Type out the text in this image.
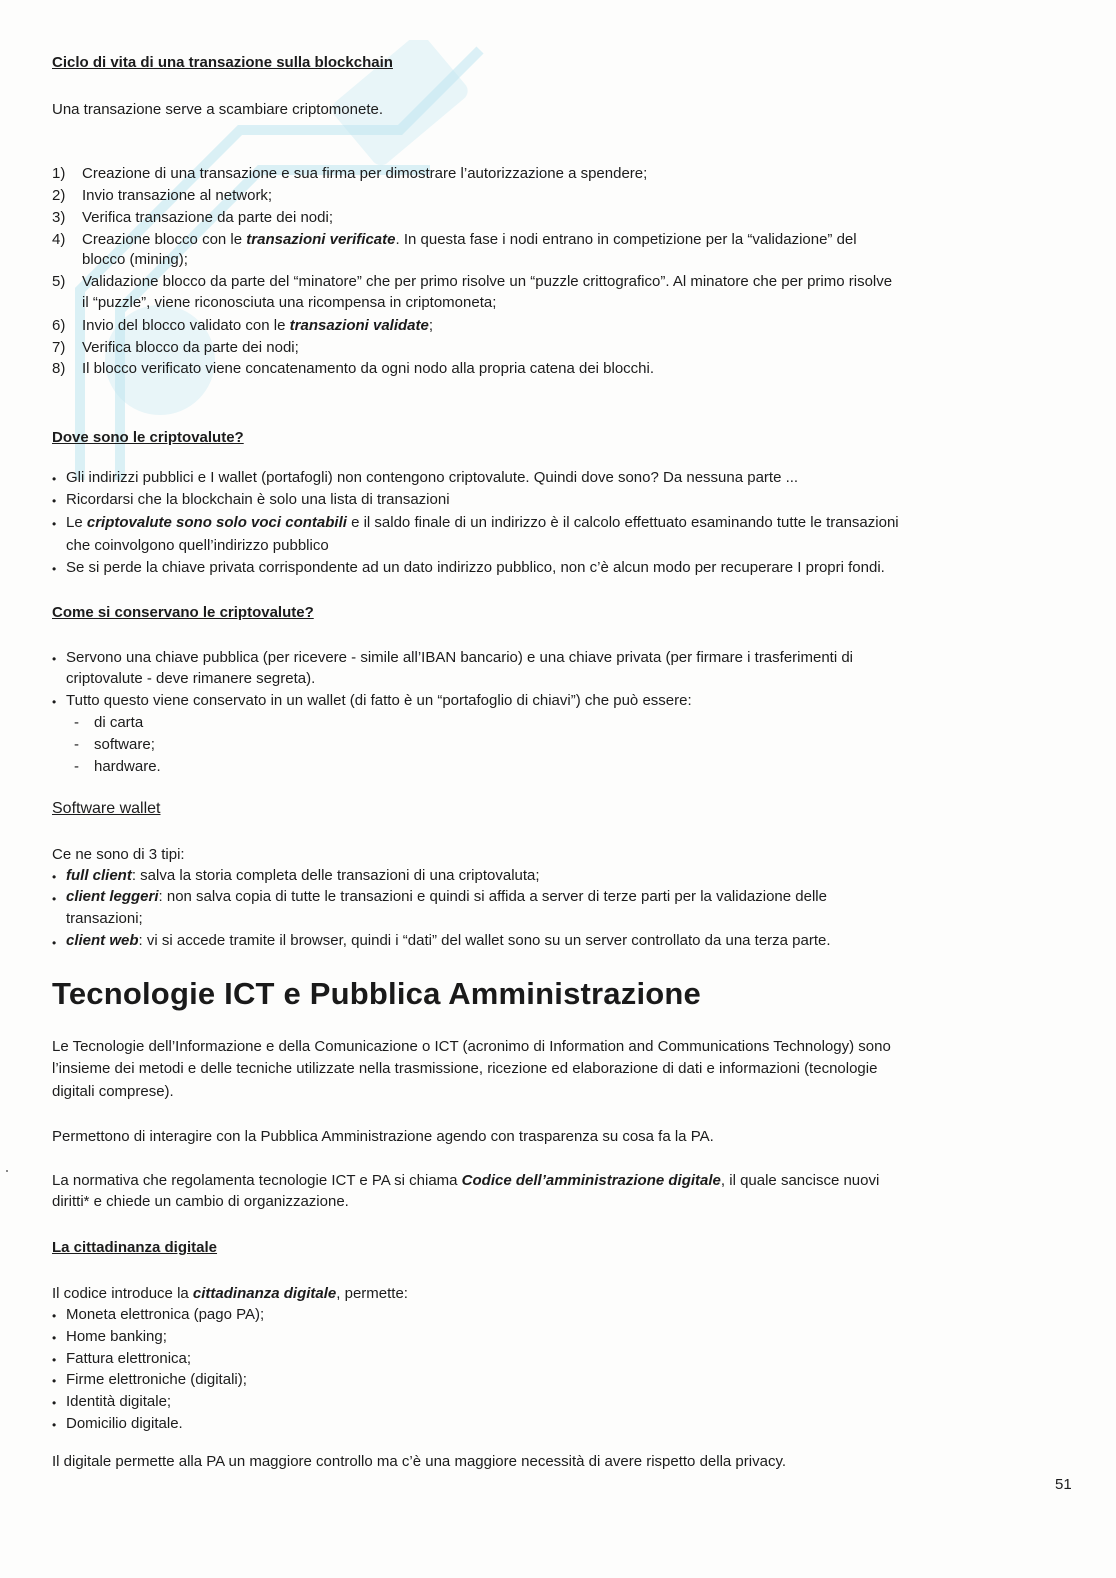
Ciclo di vita di una transazione sulla blockchain
Una transazione serve a scambiare criptomonete.
1) Creazione di una transazione e sua firma per dimostrare l’autorizzazione a spendere;
2) Invio transazione al network;
3) Verifica transazione da parte dei nodi;
4) Creazione blocco con le transazioni verificate. In questa fase i nodi entrano in competizione per la “validazione” del
blocco (mining);
5) Validazione blocco da parte del “minatore” che per primo risolve un “puzzle crittografico”. Al minatore che per primo risolve
il “puzzle”, viene riconosciuta una ricompensa in criptomoneta;
6) Invio del blocco validato con le transazioni validate;
7) Verifica blocco da parte dei nodi;
8) Il blocco verificato viene concatenamento da ogni nodo alla propria catena dei blocchi.
Dove sono le criptovalute?
• Gli indirizzi pubblici e I wallet (portafogli) non contengono criptovalute. Quindi dove sono? Da nessuna parte ...
• Ricordarsi che la blockchain è solo una lista di transazioni
• Le criptovalute sono solo voci contabili e il saldo finale di un indirizzo è il calcolo effettuato esaminando tutte le transazioni
che coinvolgono quell’indirizzo pubblico
• Se si perde la chiave privata corrispondente ad un dato indirizzo pubblico, non c’è alcun modo per recuperare I propri fondi.
Come si conservano le criptovalute?
• Servono una chiave pubblica (per ricevere - simile all’IBAN bancario) e una chiave privata (per firmare i trasferimenti di
criptovalute - deve rimanere segreta).
• Tutto questo viene conservato in un wallet (di fatto è un “portafoglio di chiavi”) che può essere:
- di carta
- software;
- hardware.
Software wallet
Ce ne sono di 3 tipi:
• full client: salva la storia completa delle transazioni di una criptovaluta;
• client leggeri: non salva copia di tutte le transazioni e quindi si affida a server di terze parti per la validazione delle
transazioni;
• client web: vi si accede tramite il browser, quindi i “dati” del wallet sono su un server controllato da una terza parte.
Tecnologie ICT e Pubblica Amministrazione
Le Tecnologie dell’Informazione e della Comunicazione o ICT (acronimo di Information and Communications Technology) sono
l’insieme dei metodi e delle tecniche utilizzate nella trasmissione, ricezione ed elaborazione di dati e informazioni (tecnologie
digitali comprese).
Permettono di interagire con la Pubblica Amministrazione agendo con trasparenza su cosa fa la PA.
La normativa che regolamenta tecnologie ICT e PA si chiama Codice dell’amministrazione digitale, il quale sancisce nuovi
diritti* e chiede un cambio di organizzazione.
La cittadinanza digitale
Il codice introduce la cittadinanza digitale, permette:
• Moneta elettronica (pago PA);
• Home banking;
• Fattura elettronica;
• Firme elettroniche (digitali);
• Identità digitale;
• Domicilio digitale.
Il digitale permette alla PA un maggiore controllo ma c’è una maggiore necessità di avere rispetto della privacy.
51
